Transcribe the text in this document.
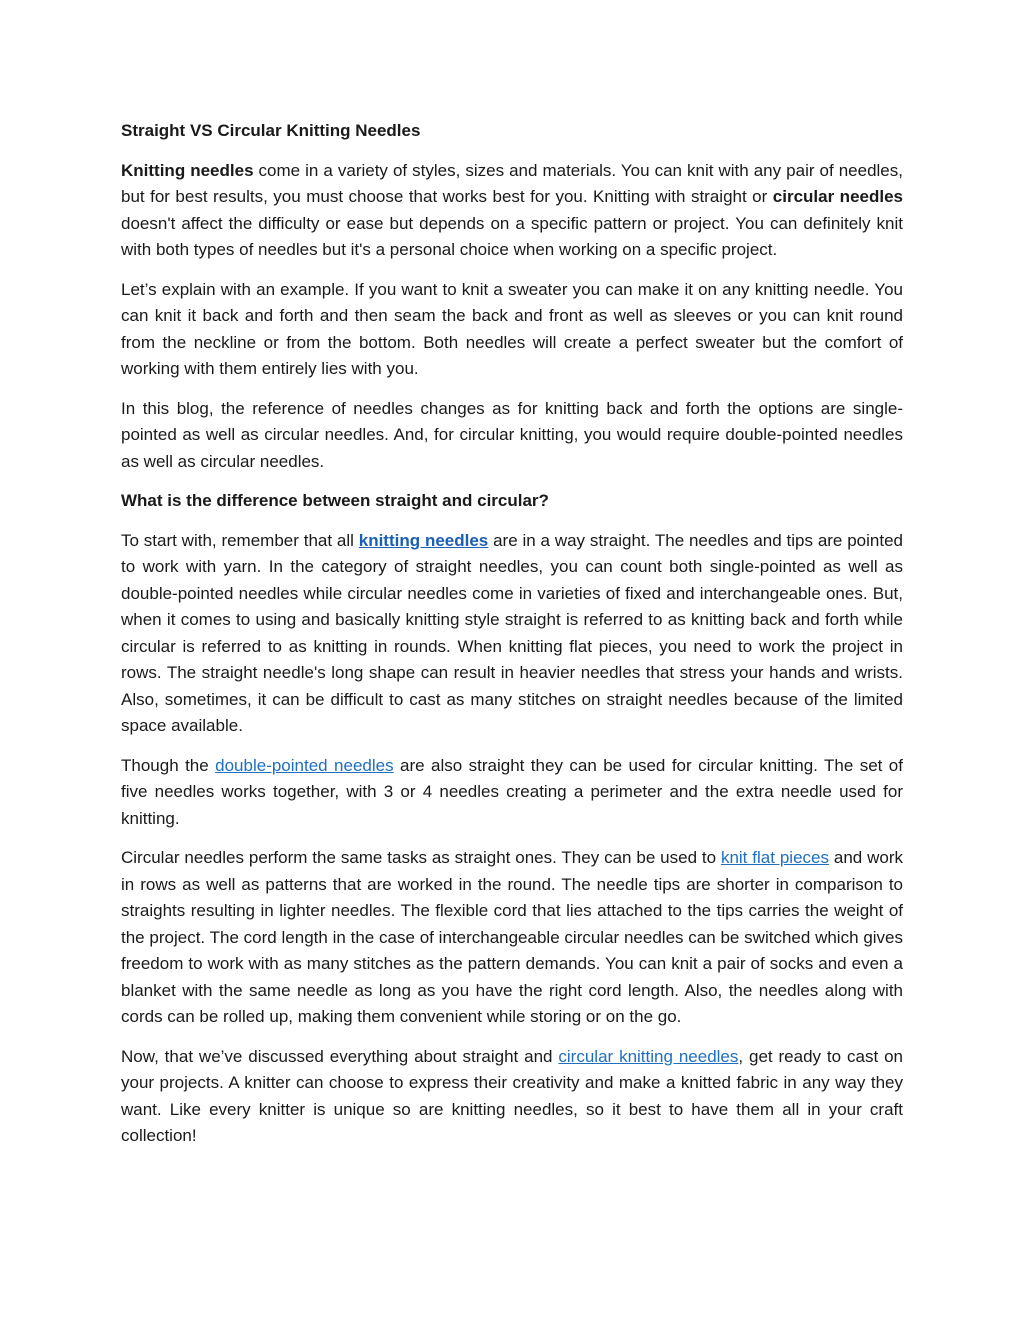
Straight VS Circular Knitting Needles

Knitting needles come in a variety of styles, sizes and materials. You can knit with any pair of needles, but for best results, you must choose that works best for you. Knitting with straight or circular needles doesn't affect the difficulty or ease but depends on a specific pattern or project. You can definitely knit with both types of needles but it's a personal choice when working on a specific project.

Let’s explain with an example. If you want to knit a sweater you can make it on any knitting needle. You can knit it back and forth and then seam the back and front as well as sleeves or you can knit round from the neckline or from the bottom. Both needles will create a perfect sweater but the comfort of working with them entirely lies with you.

In this blog, the reference of needles changes as for knitting back and forth the options are single-pointed as well as circular needles. And, for circular knitting, you would require double-pointed needles as well as circular needles.

What is the difference between straight and circular?

To start with, remember that all knitting needles are in a way straight. The needles and tips are pointed to work with yarn. In the category of straight needles, you can count both single-pointed as well as double-pointed needles while circular needles come in varieties of fixed and interchangeable ones. But, when it comes to using and basically knitting style straight is referred to as knitting back and forth while circular is referred to as knitting in rounds. When knitting flat pieces, you need to work the project in rows. The straight needle's long shape can result in heavier needles that stress your hands and wrists. Also, sometimes, it can be difficult to cast as many stitches on straight needles because of the limited space available.

Though the double-pointed needles are also straight they can be used for circular knitting. The set of five needles works together, with 3 or 4 needles creating a perimeter and the extra needle used for knitting.

Circular needles perform the same tasks as straight ones. They can be used to knit flat pieces and work in rows as well as patterns that are worked in the round. The needle tips are shorter in comparison to straights resulting in lighter needles. The flexible cord that lies attached to the tips carries the weight of the project. The cord length in the case of interchangeable circular needles can be switched which gives freedom to work with as many stitches as the pattern demands. You can knit a pair of socks and even a blanket with the same needle as long as you have the right cord length. Also, the needles along with cords can be rolled up, making them convenient while storing or on the go.

Now, that we’ve discussed everything about straight and circular knitting needles, get ready to cast on your projects. A knitter can choose to express their creativity and make a knitted fabric in any way they want. Like every knitter is unique so are knitting needles, so it best to have them all in your craft collection!
